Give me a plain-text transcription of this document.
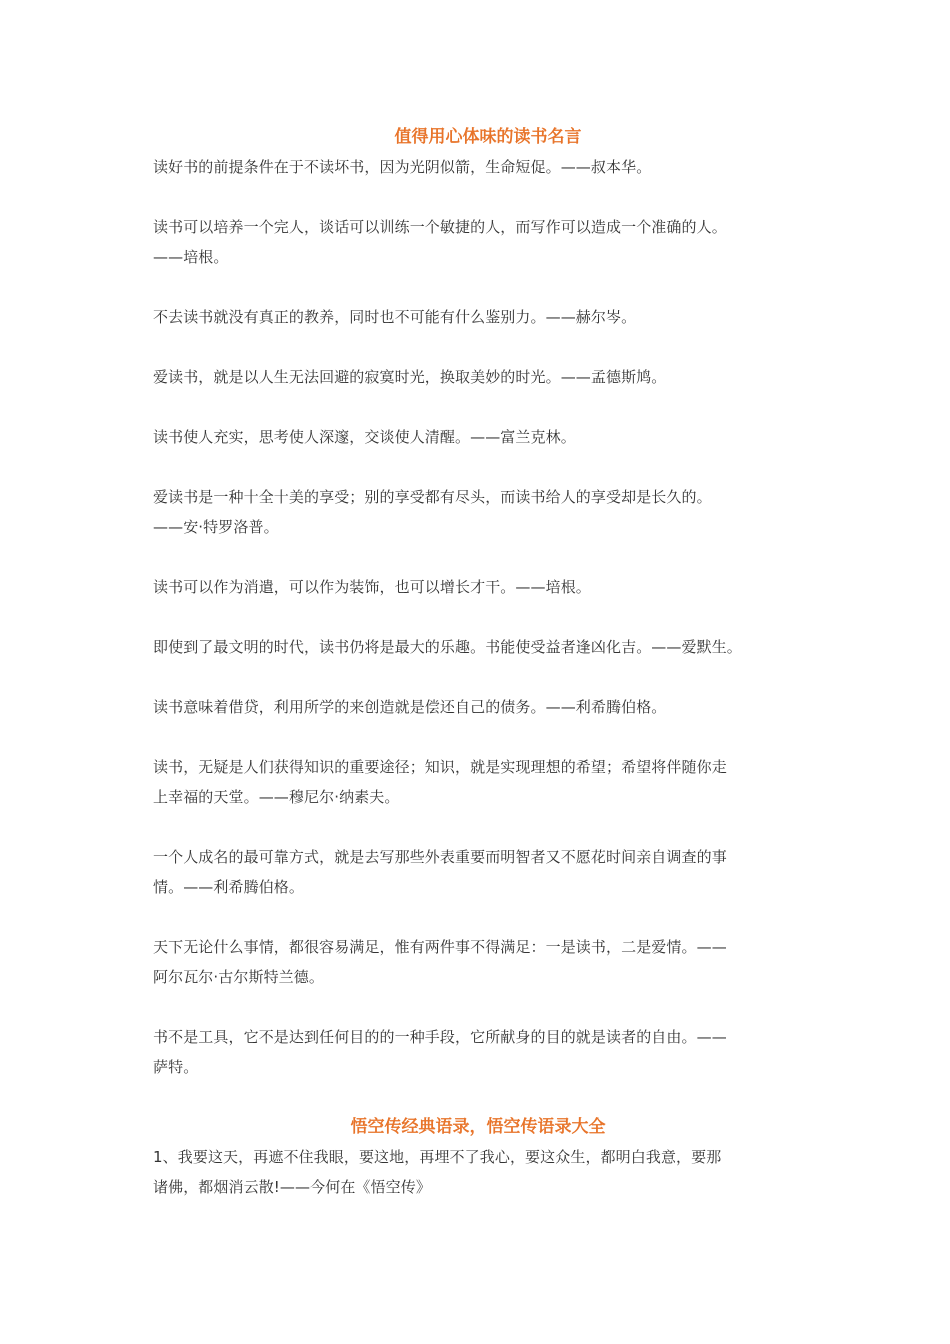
值得用心体味的读书名言

读好书的前提条件在于不读坏书，因为光阴似箭，生命短促。——叔本华。

读书可以培养一个完人，谈话可以训练一个敏捷的人，而写作可以造成一个准确的人。
——培根。

不去读书就没有真正的教养，同时也不可能有什么鉴别力。——赫尔岑。

爱读书，就是以人生无法回避的寂寞时光，换取美妙的时光。——孟德斯鸠。

读书使人充实，思考使人深邃，交谈使人清醒。——富兰克林。

爱读书是一种十全十美的享受；别的享受都有尽头，而读书给人的享受却是长久的。
——安·特罗洛普。

读书可以作为消遣，可以作为装饰，也可以增长才干。——培根。

即使到了最文明的时代，读书仍将是最大的乐趣。书能使受益者逢凶化吉。——爱默生。

读书意味着借贷，利用所学的来创造就是偿还自己的债务。——利希腾伯格。

读书，无疑是人们获得知识的重要途径；知识，就是实现理想的希望；希望将伴随你走
上幸福的天堂。——穆尼尔·纳素夫。

一个人成名的最可靠方式，就是去写那些外表重要而明智者又不愿花时间亲自调查的事
情。——利希腾伯格。

天下无论什么事情，都很容易满足，惟有两件事不得满足：一是读书，二是爱情。——
阿尔瓦尔·古尔斯特兰德。

书不是工具，它不是达到任何目的的一种手段，它所献身的目的就是读者的自由。——
萨特。

悟空传经典语录，悟空传语录大全

1、我要这天，再遮不住我眼，要这地，再埋不了我心，要这众生，都明白我意，要那
诸佛，都烟消云散!——今何在《悟空传》
